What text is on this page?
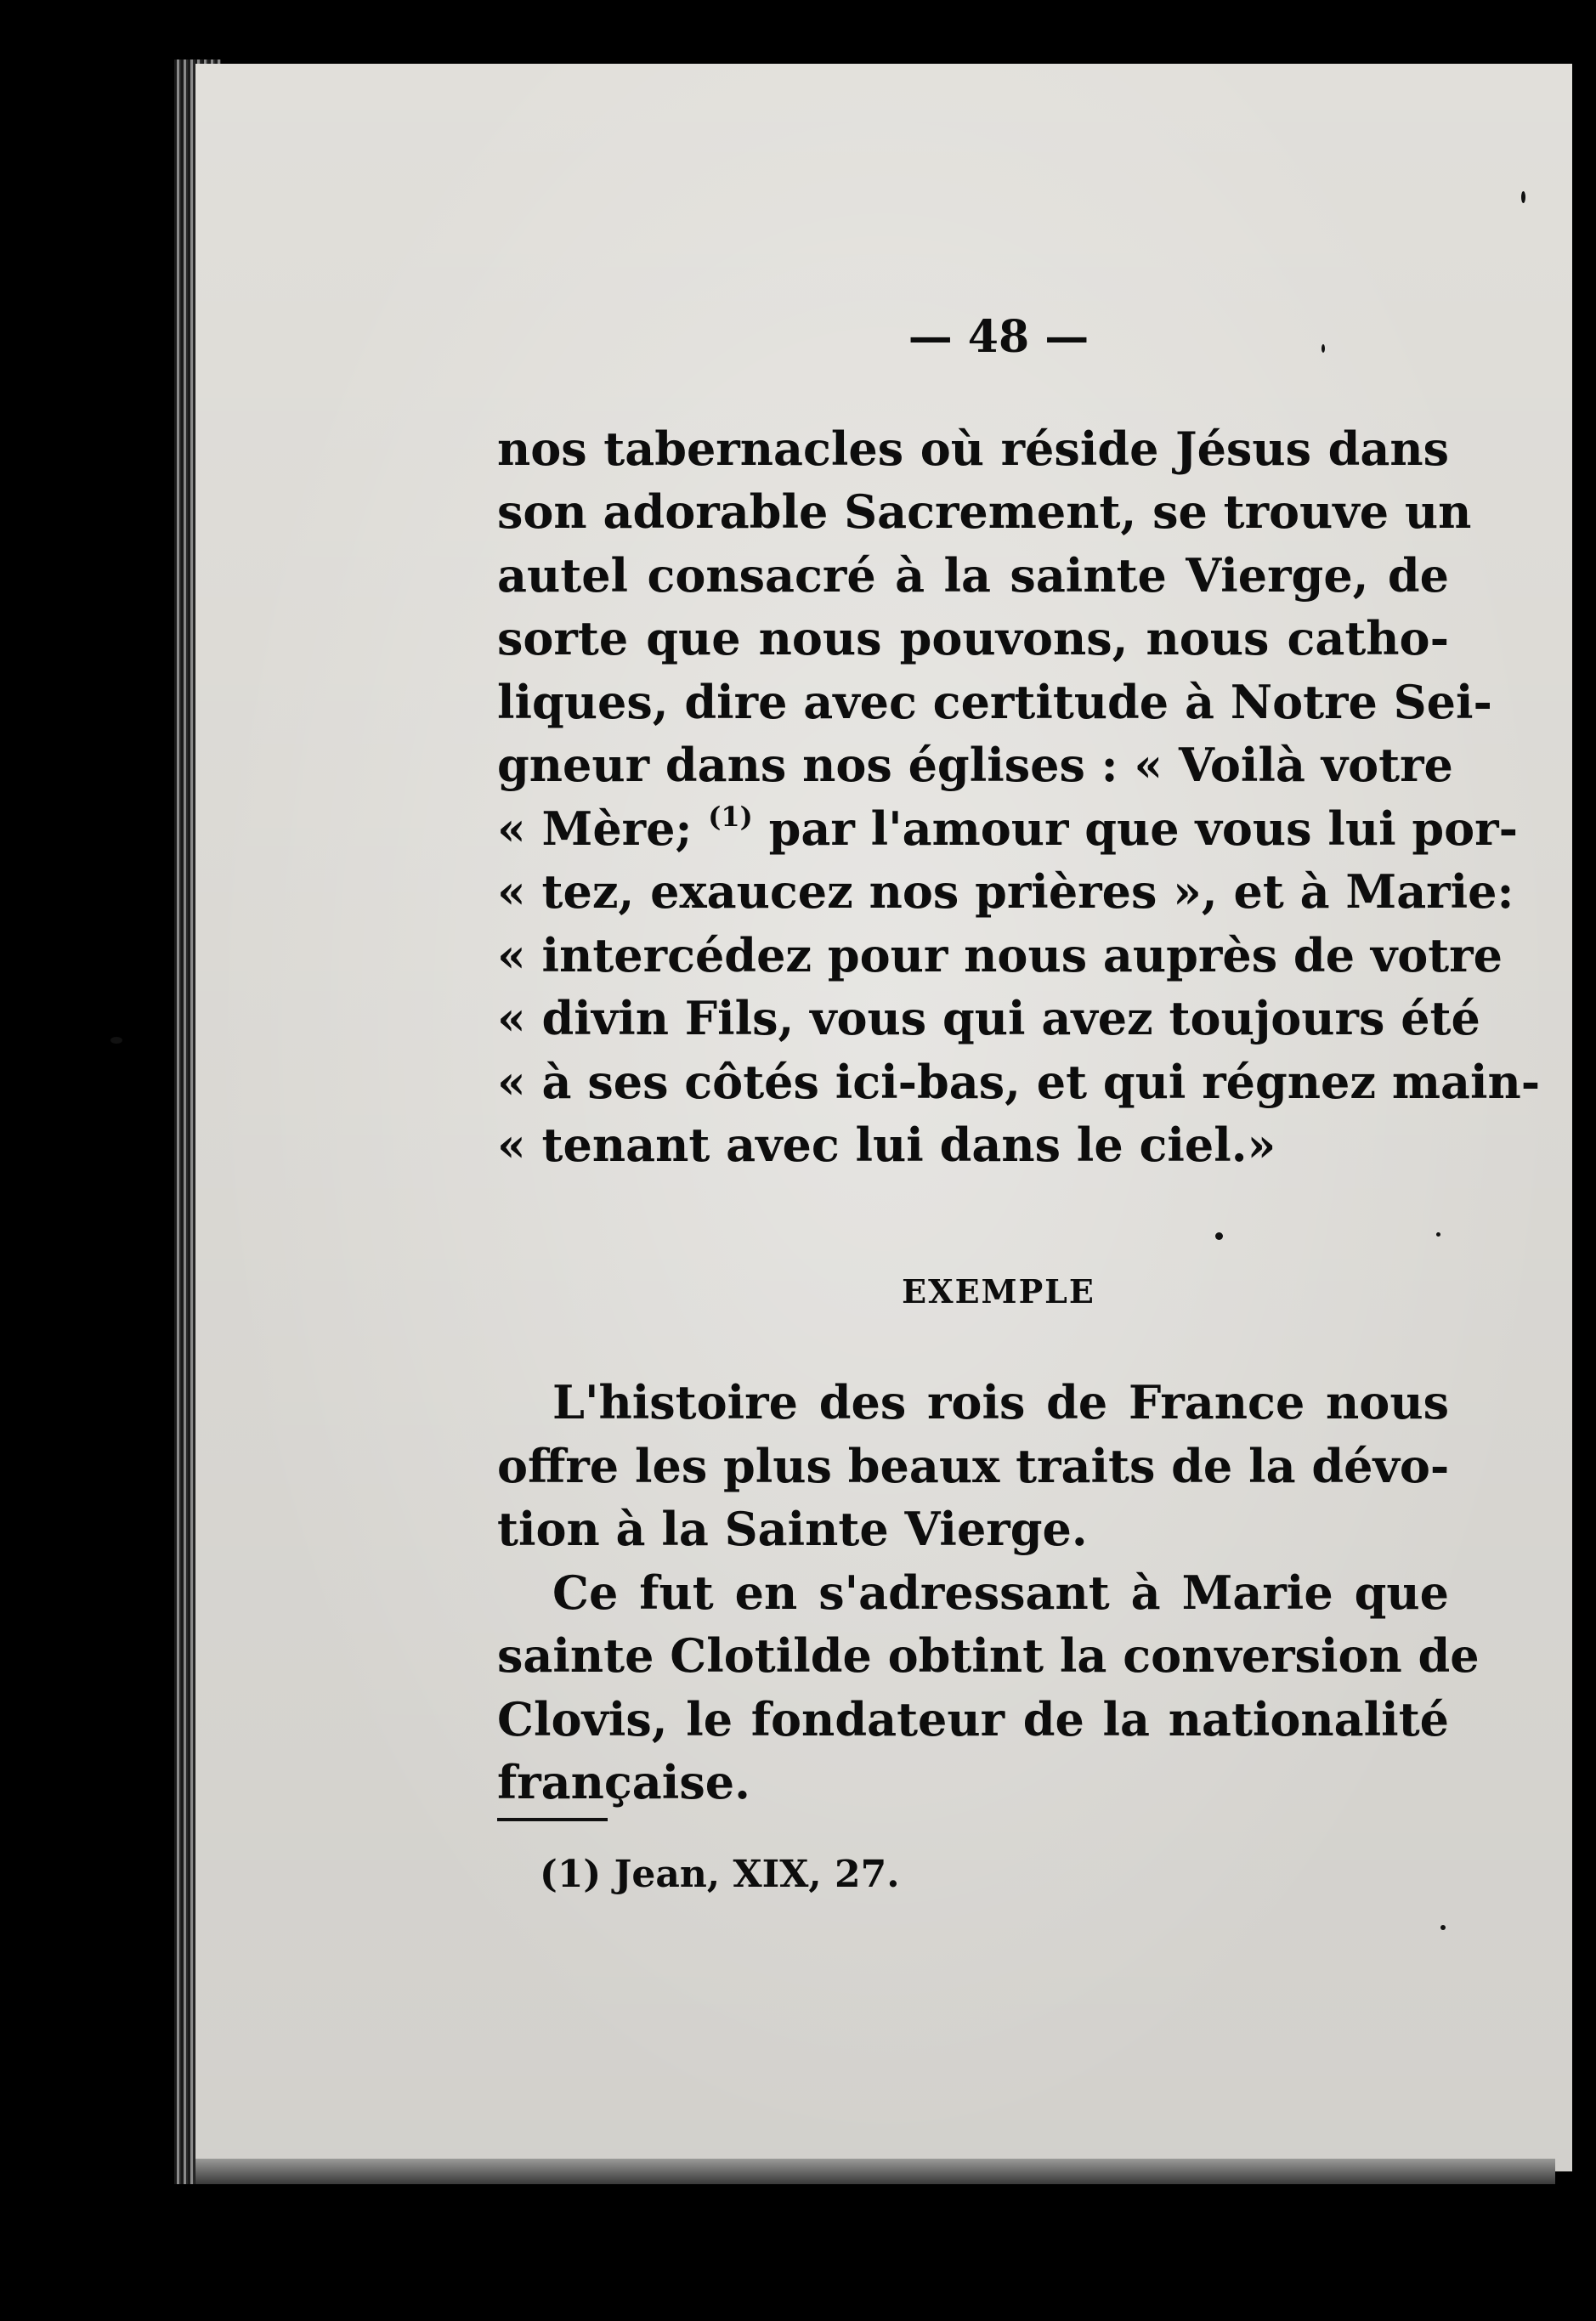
— 48 —
nos tabernacles où réside Jésus dans
son adorable Sacrement, se trouve un
autel consacré à la sainte Vierge, de
sorte que nous pouvons, nous catho-
liques, dire avec certitude à Notre Sei-
gneur dans nos églises : « Voilà votre
« Mère; $^{(1)}$ par l'amour que vous lui por-
« tez, exaucez nos prières », et à Marie:
« intercédez pour nous auprès de votre
« divin Fils, vous qui avez toujours été
« à ses côtés ici-bas, et qui régnez main-
« tenant avec lui dans le ciel.»
EXEMPLE
L'histoire des rois de France nous
offre les plus beaux traits de la dévo-
tion à la Sainte Vierge.
Ce fut en s'adressant à Marie que
sainte Clotilde obtint la conversion de
Clovis, le fondateur de la nationalité
française.
(1) Jean, XIX, 27.
